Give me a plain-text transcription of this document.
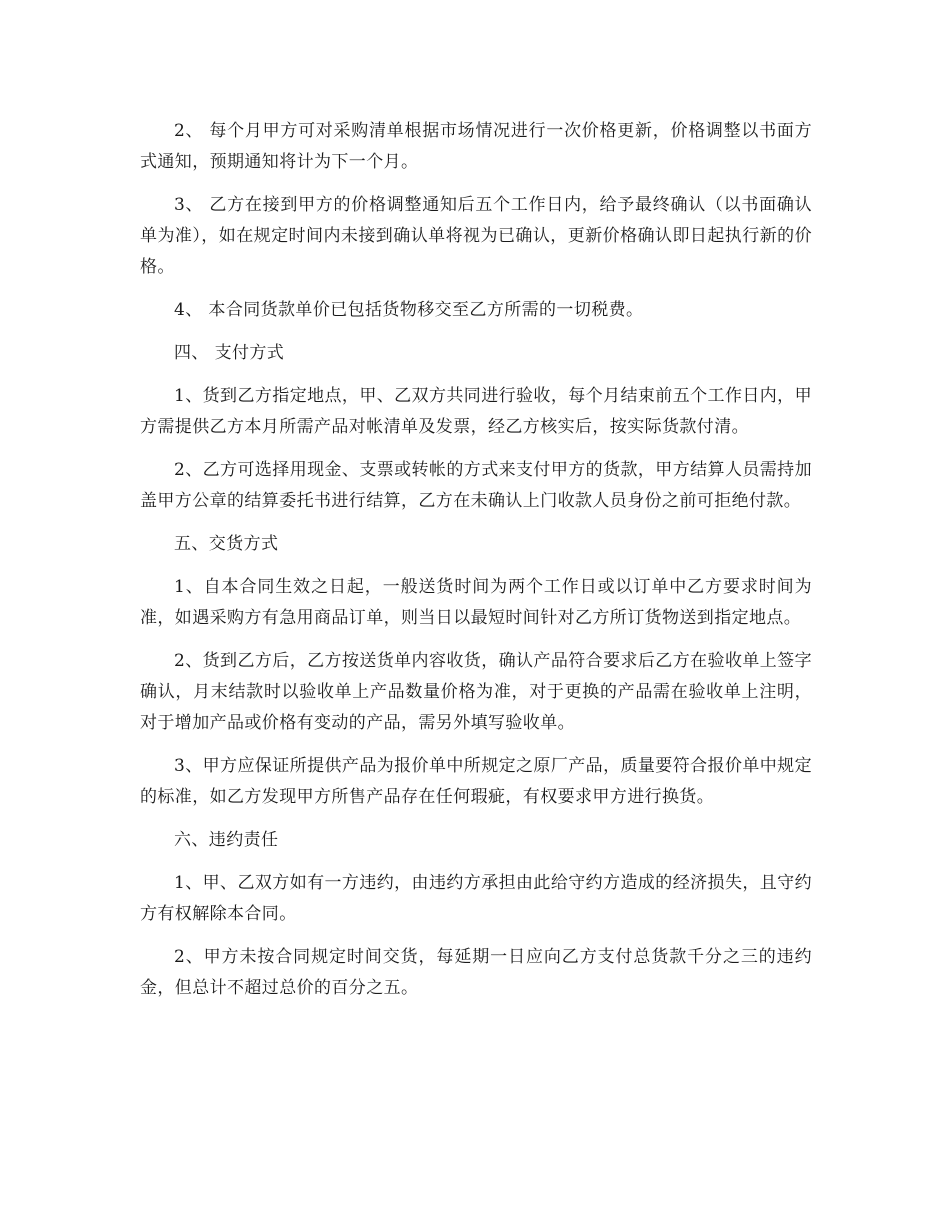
2、 每个月甲方可对采购清单根据市场情况进行一次价格更新，价格调整以书面方式通知，预期通知将计为下一个月。

3、 乙方在接到甲方的价格调整通知后五个工作日内，给予最终确认（以书面确认单为准），如在规定时间内未接到确认单将视为已确认，更新价格确认即日起执行新的价格。

4、 本合同货款单价已包括货物移交至乙方所需的一切税费。

四、 支付方式

1、货到乙方指定地点，甲、乙双方共同进行验收，每个月结束前五个工作日内，甲方需提供乙方本月所需产品对帐清单及发票，经乙方核实后，按实际货款付清。

2、乙方可选择用现金、支票或转帐的方式来支付甲方的货款，甲方结算人员需持加盖甲方公章的结算委托书进行结算，乙方在未确认上门收款人员身份之前可拒绝付款。

五、交货方式

1、自本合同生效之日起，一般送货时间为两个工作日或以订单中乙方要求时间为准，如遇采购方有急用商品订单，则当日以最短时间针对乙方所订货物送到指定地点。

2、货到乙方后，乙方按送货单内容收货，确认产品符合要求后乙方在验收单上签字确认，月末结款时以验收单上产品数量价格为准，对于更换的产品需在验收单上注明，对于增加产品或价格有变动的产品，需另外填写验收单。

3、甲方应保证所提供产品为报价单中所规定之原厂产品，质量要符合报价单中规定的标准，如乙方发现甲方所售产品存在任何瑕疵，有权要求甲方进行换货。

六、违约责任

1、甲、乙双方如有一方违约，由违约方承担由此给守约方造成的经济损失，且守约方有权解除本合同。

2、甲方未按合同规定时间交货，每延期一日应向乙方支付总货款千分之三的违约金，但总计不超过总价的百分之五。
